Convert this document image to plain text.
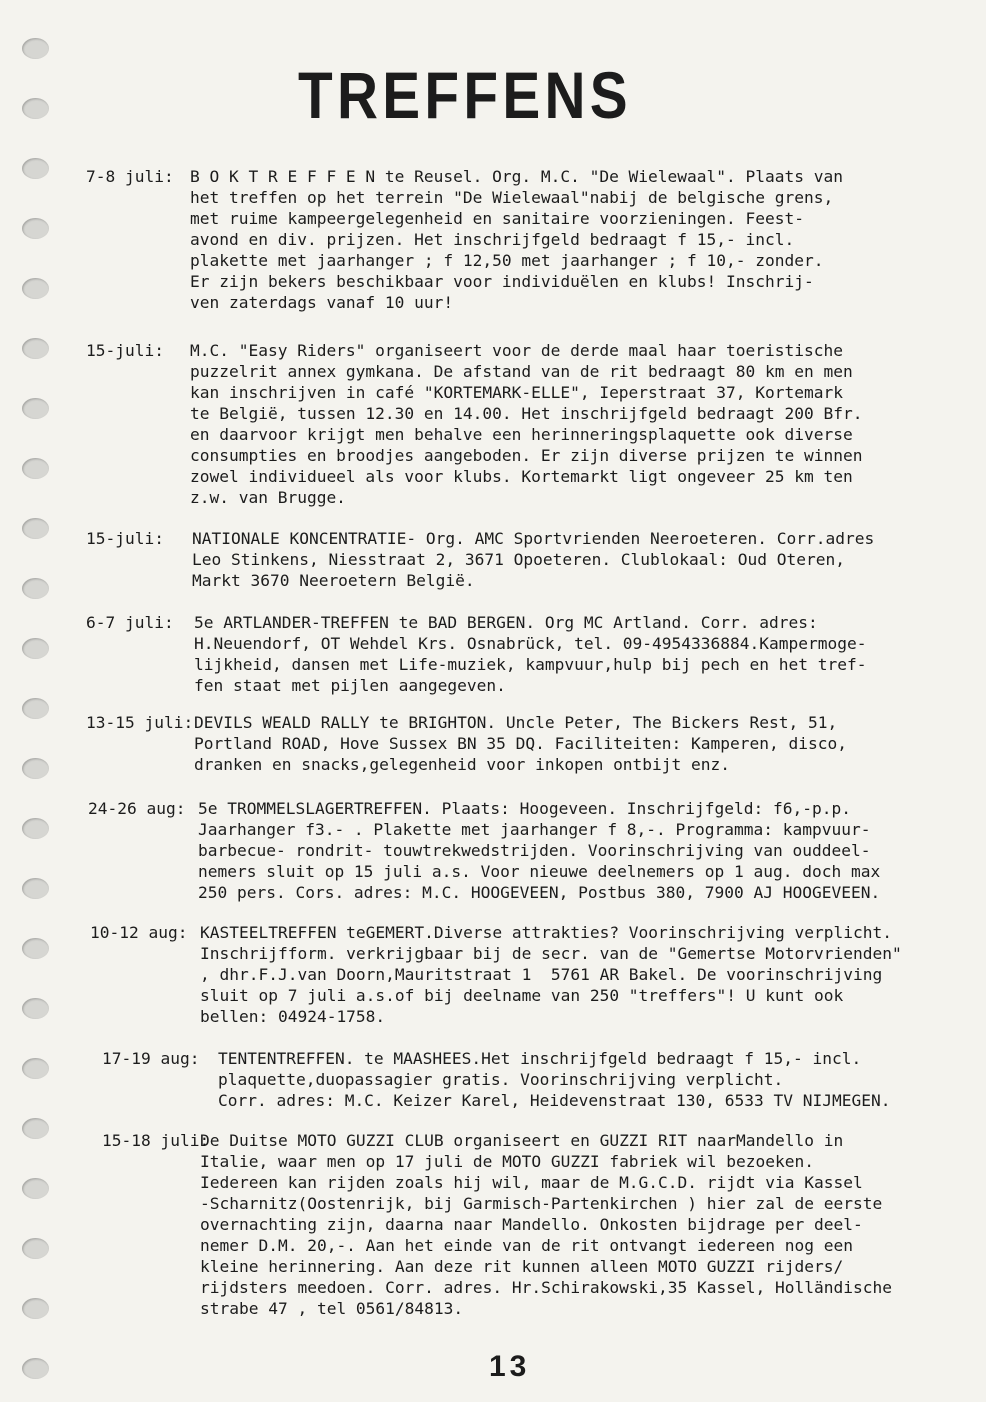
TREFFENS
7-8 juli: B O K T R E F F E N te Reusel. Org. M.C. "De Wielewaal". Plaats van
het treffen op het terrein "De Wielewaal"nabij de belgische grens,
met ruime kampeergelegenheid en sanitaire voorzieningen. Feest-
avond en div. prijzen. Het inschrijfgeld bedraagt f 15,- incl.
plakette met jaarhanger ; f 12,50 met jaarhanger ; f 10,- zonder.
Er zijn bekers beschikbaar voor individuëlen en klubs! Inschrij-
ven zaterdags vanaf 10 uur!
15-juli: M.C. "Easy Riders" organiseert voor de derde maal haar toeristische
puzzelrit annex gymkana. De afstand van de rit bedraagt 80 km en men
kan inschrijven in café "KORTEMARK-ELLE", Ieperstraat 37, Kortemark
te België, tussen 12.30 en 14.00. Het inschrijfgeld bedraagt 200 Bfr.
en daarvoor krijgt men behalve een herinneringsplaquette ook diverse
consumpties en broodjes aangeboden. Er zijn diverse prijzen te winnen
zowel individueel als voor klubs. Kortemarkt ligt ongeveer 25 km ten
z.w. van Brugge.
15-juli: NATIONALE KONCENTRATIE- Org. AMC Sportvrienden Neeroeteren. Corr.adres
Leo Stinkens, Niesstraat 2, 3671 Opoeteren. Clublokaal: Oud Oteren,
Markt 3670 Neeroetern België.
6-7 juli: 5e ARTLANDER-TREFFEN te BAD BERGEN. Org MC Artland. Corr. adres:
H.Neuendorf, OT Wehdel Krs. Osnabrück, tel. 09-4954336884.Kampermoge-
lijkheid, dansen met Life-muziek, kampvuur,hulp bij pech en het tref-
fen staat met pijlen aangegeven.
13-15 juli: DEVILS WEALD RALLY te BRIGHTON. Uncle Peter, The Bickers Rest, 51,
Portland ROAD, Hove Sussex BN 35 DQ. Faciliteiten: Kamperen, disco,
dranken en snacks,gelegenheid voor inkopen ontbijt enz.
24-26 aug: 5e TROMMELSLAGERTREFFEN. Plaats: Hoogeveen. Inschrijfgeld: f6,-p.p.
Jaarhanger f3.- . Plakette met jaarhanger f 8,-. Programma: kampvuur-
barbecue- rondrit- touwtrekwedstrijden. Voorinschrijving van ouddeel-
nemers sluit op 15 juli a.s. Voor nieuwe deelnemers op 1 aug. doch max
250 pers. Cors. adres: M.C. HOOGEVEEN, Postbus 380, 7900 AJ HOOGEVEEN.
10-12 aug: KASTEELTREFFEN teGEMERT.Diverse attrakties? Voorinschrijving verplicht.
Inschrijfform. verkrijgbaar bij de secr. van de "Gemertse Motorvrienden"
, dhr.F.J.van Doorn,Mauritstraat 1  5761 AR Bakel. De voorinschrijving
sluit op 7 juli a.s.of bij deelname van 250 "treffers"! U kunt ook
bellen: 04924-1758.
17-19 aug: TENTENTREFFEN. te MAASHEES.Het inschrijfgeld bedraagt f 15,- incl.
plaquette,duopassagier gratis. Voorinschrijving verplicht.
Corr. adres: M.C. Keizer Karel, Heidevenstraat 130, 6533 TV NIJMEGEN.
15-18 juli:
De Duitse MOTO GUZZI CLUB organiseert en GUZZI RIT naarMandello in
Italie, waar men op 17 juli de MOTO GUZZI fabriek wil bezoeken.
Iedereen kan rijden zoals hij wil, maar de M.G.C.D. rijdt via Kassel
-Scharnitz(Oostenrijk, bij Garmisch-Partenkirchen ) hier zal de eerste
overnachting zijn, daarna naar Mandello. Onkosten bijdrage per deel-
nemer D.M. 20,-. Aan het einde van de rit ontvangt iedereen nog een
kleine herinnering. Aan deze rit kunnen alleen MOTO GUZZI rijders/
rijdsters meedoen. Corr. adres. Hr.Schirakowski,35 Kassel, Holländische
strabe 47 , tel 0561/84813.
13
